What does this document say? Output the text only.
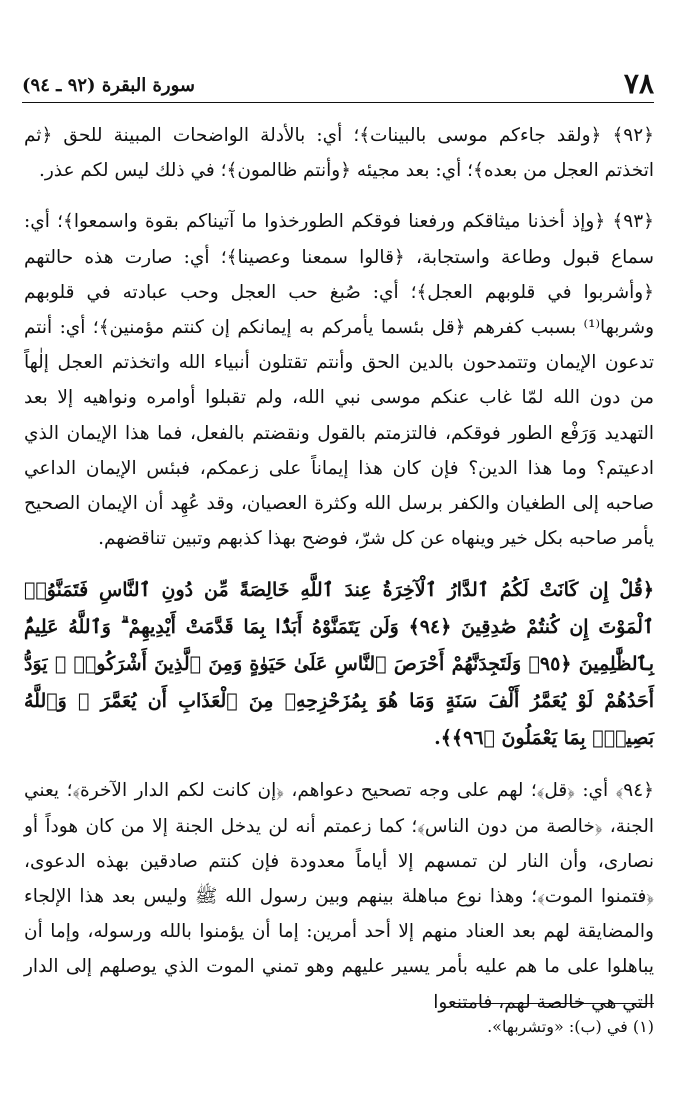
٧٨
سورة البقرة (٩٢ ـ ٩٤)

﴿٩٢﴾ ﴿ولقد جاءكم موسى بالبينات﴾؛ أي: بالأدلة الواضحات المبينة للحق ﴿ثم اتخذتم العجل من بعده﴾؛ أي: بعد مجيئه ﴿وأنتم ظالمون﴾؛ في ذلك ليس لكم عذر.

﴿٩٣﴾ ﴿وإذ أخذنا ميثاقكم ورفعنا فوقكم الطورخذوا ما آتيناكم بقوة واسمعوا﴾؛ أي: سماع قبول وطاعة واستجابة، ﴿قالوا سمعنا وعصينا﴾؛ أي: صارت هذه حالتهم ﴿وأشربوا في قلوبهم العجل﴾؛ أي: صُبغ حب العجل وحب عبادته في قلوبهم وشربها⁽¹⁾ بسبب كفرهم ﴿قل بئسما يأمركم به إيمانكم إن كنتم مؤمنين﴾؛ أي: أنتم تدعون الإيمان وتتمدحون بالدين الحق وأنتم تقتلون أنبياء الله واتخذتم العجل إلٰهاً من دون الله لمّا غاب عنكم موسى نبي الله، ولم تقبلوا أوامره ونواهيه إلا بعد التهديد وَرَفْع الطور فوقكم، فالتزمتم بالقول ونقضتم بالفعل، فما هذا الإيمان الذي ادعيتم؟ وما هذا الدين؟ فإن كان هذا إيماناً على زعمكم، فبئس الإيمان الداعي صاحبه إلى الطغيان والكفر برسل الله وكثرة العصيان، وقد عُهِد أن الإيمان الصحيح يأمر صاحبه بكل خير وينهاه عن كل شرّ، فوضح بهذا كذبهم وتبين تناقضهم.

﴿قُلْ إِن كَانَتْ لَكُمُ ٱلدَّارُ ٱلْآخِرَةُ عِندَ ٱللَّهِ خَالِصَةً مِّن دُونِ ٱلنَّاسِ فَتَمَنَّوُا۟ ٱلْمَوْتَ إِن كُنتُمْ صَٰدِقِينَ ﴿٩٤﴾ وَلَن يَتَمَنَّوْهُ أَبَدًۢا بِمَا قَدَّمَتْ أَيْدِيهِمْ ۗ وَٱللَّهُ عَلِيمٌۢ بِٱلظَّٰلِمِينَ ﴿٩٥﴾ وَلَتَجِدَنَّهُمْ أَحْرَصَ ٱلنَّاسِ عَلَىٰ حَيَوٰةٍ وَمِنَ ٱلَّذِينَ أَشْرَكُوا۟ ۚ يَوَدُّ أَحَدُهُمْ لَوْ يُعَمَّرُ أَلْفَ سَنَةٍ وَمَا هُوَ بِمُزَحْزِحِهِۦ مِنَ ٱلْعَذَابِ أَن يُعَمَّرَ ۗ وَٱللَّهُ بَصِيرٌۢ بِمَا يَعْمَلُونَ ﴿٩٦﴾﴾.

﴿٩٤﴾ أي: ﴿قل﴾؛ لهم على وجه تصحيح دعواهم، ﴿إن كانت لكم الدار الآخرة﴾؛ يعني الجنة، ﴿خالصة من دون الناس﴾؛ كما زعمتم أنه لن يدخل الجنة إلا من كان هوداً أو نصارى، وأن النار لن تمسهم إلا أياماً معدودة فإن كنتم صادقين بهذه الدعوى، ﴿فتمنوا الموت﴾؛ وهذا نوع مباهلة بينهم وبين رسول الله ﷺ وليس بعد هذا الإلجاء والمضايقة لهم بعد العناد منهم إلا أحد أمرين: إما أن يؤمنوا بالله ورسوله، وإما أن يباهلوا على ما هم عليه بأمر يسير عليهم وهو تمني الموت الذي يوصلهم إلى الدار التي هي خالصة لهم، فامتنعوا

(١) في (ب): «وتشربها».
